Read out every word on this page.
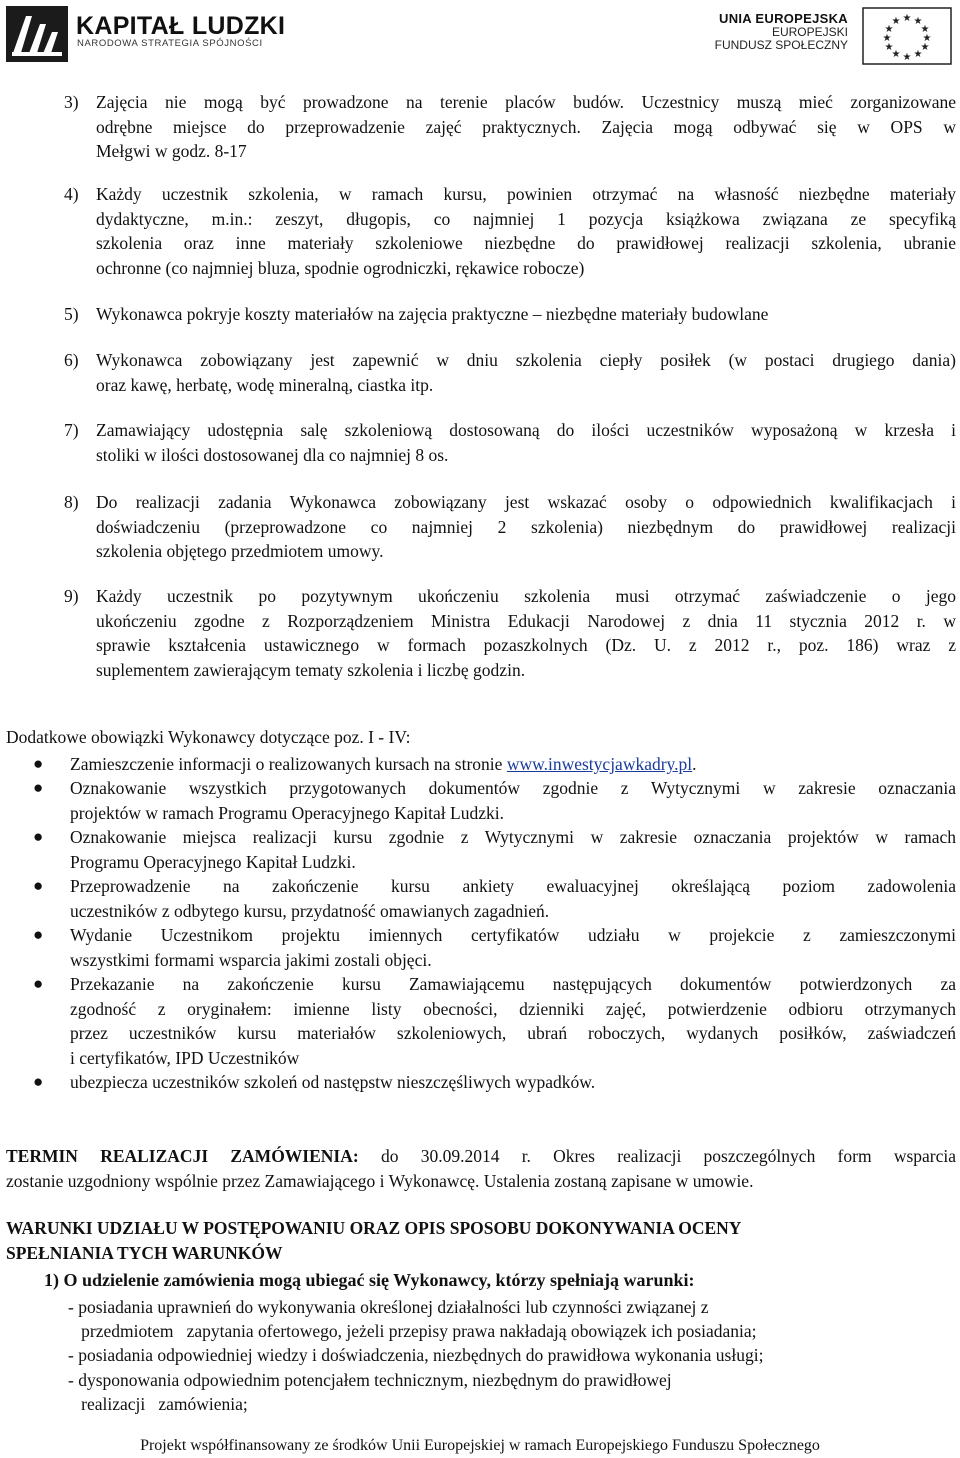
KAPITAŁ LUDZKI
NARODOWA STRATEGIA SPÓJNOŚCI
UNIA EUROPEJSKA
EUROPEJSKI
FUNDUSZ SPOŁECZNY
★ ★
★
★
★
★
★
★
★
★
★
★
3) Zajęcia nie mogą być prowadzone na terenie placów budów. Uczestnicy muszą mieć zorganizowane
odrębne miejsce do przeprowadzenie zajęć praktycznych. Zajęcia mogą odbywać się w OPS w
Mełgwi w godz. 8-17
4) Każdy uczestnik szkolenia, w ramach kursu, powinien otrzymać na własność niezbędne materiały
dydaktyczne, m.in.: zeszyt, długopis, co najmniej 1 pozycja książkowa związana ze specyfiką
szkolenia oraz inne materiały szkoleniowe niezbędne do prawidłowej realizacji szkolenia, ubranie
ochronne (co najmniej bluza, spodnie ogrodniczki, rękawice robocze)
5) Wykonawca pokryje koszty materiałów na zajęcia praktyczne – niezbędne materiały budowlane
6) Wykonawca zobowiązany jest zapewnić w dniu szkolenia ciepły posiłek (w postaci drugiego dania)
oraz kawę, herbatę, wodę mineralną, ciastka itp.
7) Zamawiający udostępnia salę szkoleniową dostosowaną do ilości uczestników wyposażoną w krzesła i
stoliki w ilości dostosowanej dla co najmniej 8 os.
8) Do realizacji zadania Wykonawca zobowiązany jest wskazać osoby o odpowiednich kwalifikacjach i
doświadczeniu (przeprowadzone co najmniej 2 szkolenia) niezbędnym do prawidłowej realizacji
szkolenia objętego przedmiotem umowy.
9) Każdy uczestnik po pozytywnym ukończeniu szkolenia musi otrzymać zaświadczenie o jego
ukończeniu zgodne z Rozporządzeniem Ministra Edukacji Narodowej z dnia 11 stycznia 2012 r. w
sprawie kształcenia ustawicznego w formach pozaszkolnych (Dz. U. z 2012 r., poz. 186) wraz z
suplementem zawierającym tematy szkolenia i liczbę godzin.
Dodatkowe obowiązki Wykonawcy dotyczące poz. I - IV:
● Zamieszczenie informacji o realizowanych kursach na stronie www.inwestycjawkadry.pl.
● Oznakowanie wszystkich przygotowanych dokumentów zgodnie z Wytycznymi w zakresie oznaczania
projektów w ramach Programu Operacyjnego Kapitał Ludzki.
● Oznakowanie miejsca realizacji kursu zgodnie z Wytycznymi w zakresie oznaczania projektów w ramach
Programu Operacyjnego Kapitał Ludzki.
● Przeprowadzenie na zakończenie kursu ankiety ewaluacyjnej określającą poziom zadowolenia
uczestników z odbytego kursu, przydatność omawianych zagadnień.
● Wydanie Uczestnikom projektu imiennych certyfikatów udziału w projekcie z zamieszczonymi
wszystkimi formami wsparcia jakimi zostali objęci.
● Przekazanie na zakończenie kursu Zamawiającemu następujących dokumentów potwierdzonych za
zgodność z oryginałem: imienne listy obecności, dzienniki zajęć, potwierdzenie odbioru otrzymanych
przez uczestników kursu materiałów szkoleniowych, ubrań roboczych, wydanych posiłków, zaświadczeń
i certyfikatów, IPD Uczestników
● ubezpiecza uczestników szkoleń od następstw nieszczęśliwych wypadków.
TERMIN REALIZACJI ZAMÓWIENIA: do 30.09.2014 r. Okres realizacji poszczególnych form wsparcia
zostanie uzgodniony wspólnie przez Zamawiającego i Wykonawcę. Ustalenia zostaną zapisane w umowie.
WARUNKI UDZIAŁU W POSTĘPOWANIU ORAZ OPIS SPOSOBU DOKONYWANIA OCENY
SPEŁNIANIA TYCH WARUNKÓW
1) O udzielenie zamówienia mogą ubiegać się Wykonawcy, którzy spełniają warunki:
- posiadania uprawnień do wykonywania określonej działalności lub czynności związanej z
przedmiotem   zapytania ofertowego, jeżeli przepisy prawa nakładają obowiązek ich posiadania;
- posiadania odpowiedniej wiedzy i doświadczenia, niezbędnych do prawidłowa wykonania usługi;
- dysponowania odpowiednim potencjałem technicznym, niezbędnym do prawidłowej
realizacji   zamówienia;
Projekt współfinansowany ze środków Unii Europejskiej w ramach Europejskiego Funduszu Społecznego
